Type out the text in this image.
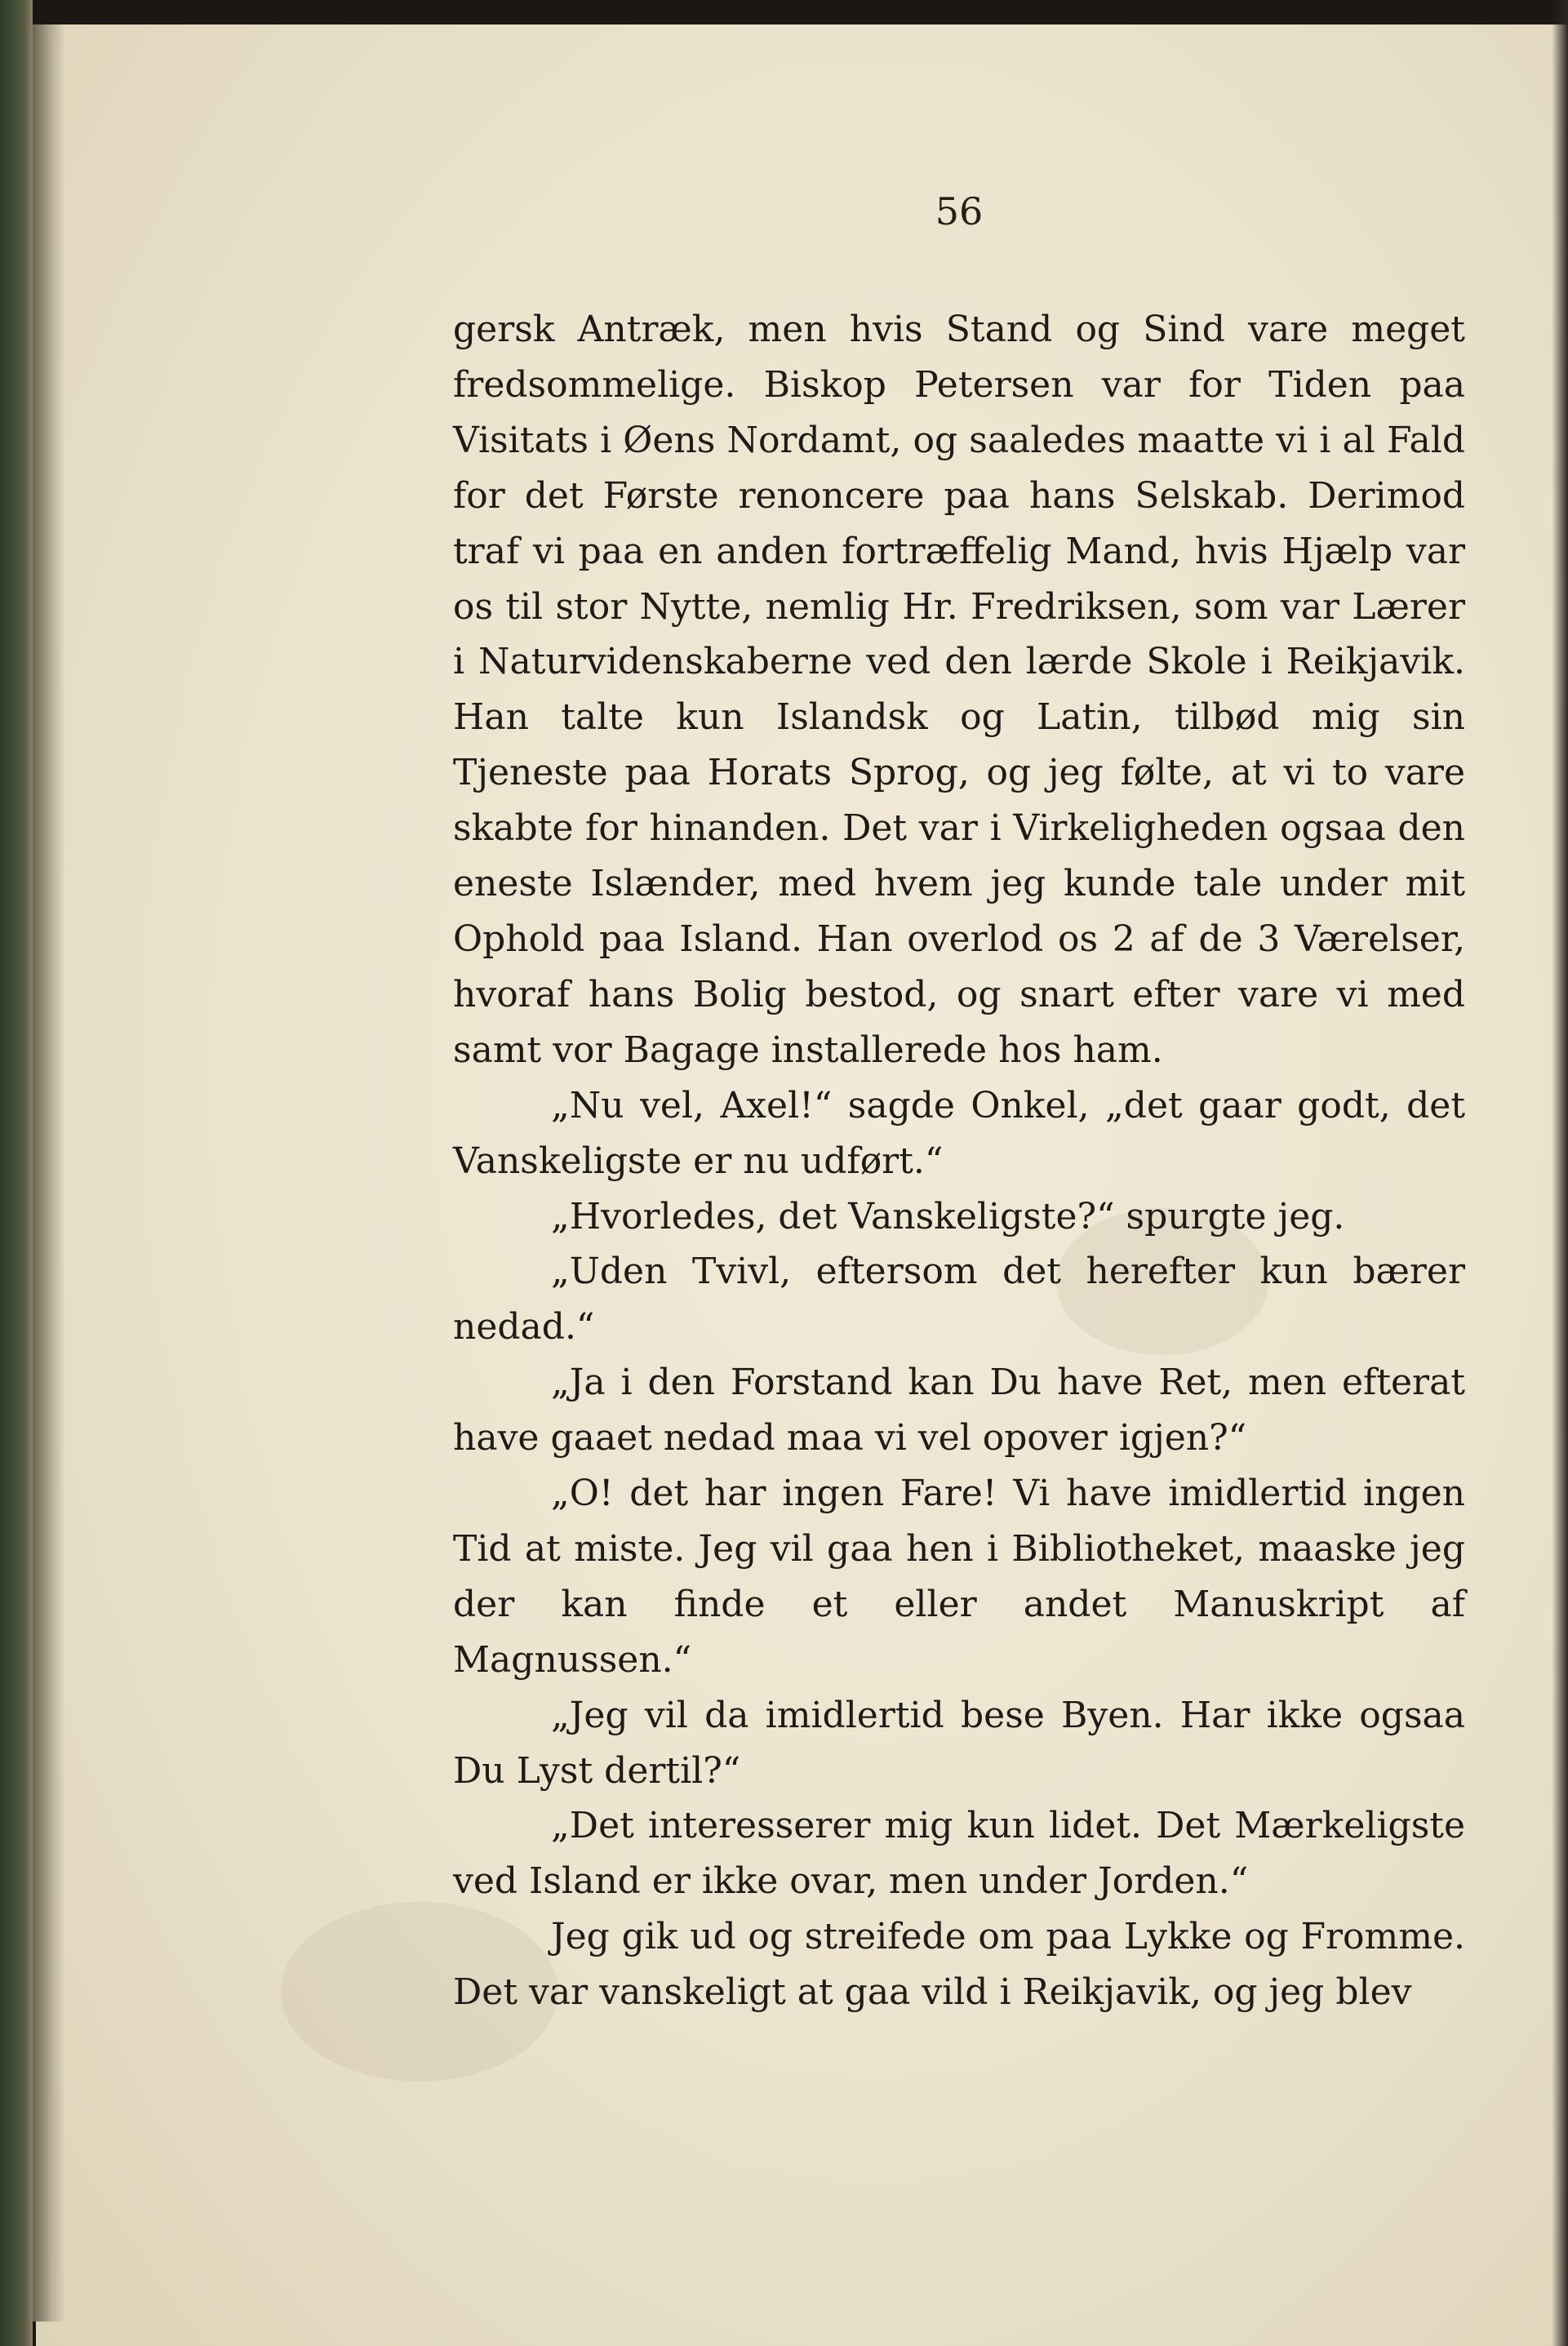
56

gersk Antræk, men hvis Stand og Sind vare meget fredsommelige. Biskop Petersen var for Tiden paa Visitats i Øens Nordamt, og saaledes maatte vi i al Fald for det Første renoncere paa hans Selskab. Derimod traf vi paa en anden fortræffelig Mand, hvis Hjælp var os til stor Nytte, nemlig Hr. Fredriksen, som var Lærer i Naturvidenskaberne ved den lærde Skole i Reikjavik. Han talte kun Islandsk og Latin, tilbød mig sin Tjeneste paa Horats Sprog, og jeg følte, at vi to vare skabte for hinanden. Det var i Virkeligheden ogsaa den eneste Islænder, med hvem jeg kunde tale under mit Ophold paa Island. Han overlod os 2 af de 3 Værelser, hvoraf hans Bolig bestod, og snart efter vare vi med samt vor Bagage installerede hos ham.

„Nu vel, Axel!“ sagde Onkel, „det gaar godt, det Vanskeligste er nu udført.“

„Hvorledes, det Vanskeligste?“ spurgte jeg.

„Uden Tvivl, eftersom det herefter kun bærer nedad.“

„Ja i den Forstand kan Du have Ret, men efterat have gaaet nedad maa vi vel opover igjen?“

„O! det har ingen Fare! Vi have imidlertid ingen Tid at miste. Jeg vil gaa hen i Bibliotheket, maaske jeg der kan finde et eller andet Manuskript af Magnussen.“

„Jeg vil da imidlertid bese Byen. Har ikke ogsaa Du Lyst dertil?“

„Det interesserer mig kun lidet. Det Mærkeligste ved Island er ikke ovar, men under Jorden.“

Jeg gik ud og streifede om paa Lykke og Fromme. Det var vanskeligt at gaa vild i Reikjavik, og jeg blev
